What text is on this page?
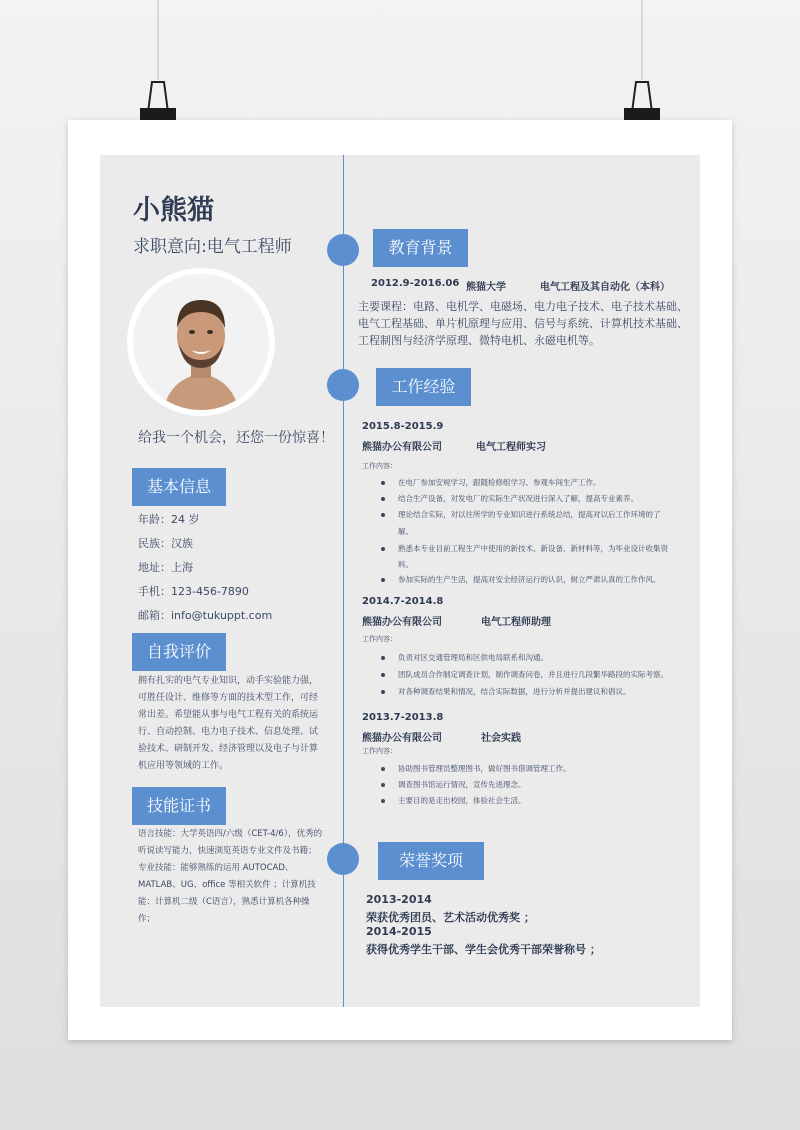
小熊猫
求职意向:电气工程师
给我一个机会，还您一份惊喜！
基本信息
年龄：24 岁
民族：汉族
地址：上海
手机：123-456-7890
邮箱：info@tukuppt.com
自我评价
拥有扎实的电气专业知识，动手实验能力强，可胜任设计、维修等方面的技术型工作，可经常出差。希望能从事与电气工程有关的系统运行、自动控制、电力电子技术、信息处理、试验技术、研制开发、经济管理以及电子与计算机应用等领域的工作。
技能证书
语言技能：大学英语四/六级（CET-4/6），优秀的听说读写能力，快速浏览英语专业文件及书籍；专业技能：能够熟练的运用 AUTOCAD、MATLAB、UG、office 等相关软件 ；计算机技能：计算机二级（C语言），熟悉计算机各种操作；
教育背景
2012.9-2016.06 熊猫大学	电气工程及其自动化（本科）
主要课程：电路、电机学、电磁场、电力电子技术、电子技术基础、电气工程基础、单片机原理与应用、信号与系统、计算机技术基础、工程制图与经济学原理、微特电机、永磁电机等。
工作经验
2015.8-2015.9
熊猫办公有限公司	电气工程师实习
工作内容：
在电厂参加安规学习，跟随检修组学习、参观车间生产工作。
结合生产设备，对发电厂的实际生产状况进行深入了解，提高专业素养。
理论结合实际，对以往所学的专业知识进行系统总结，提高对以后工作环境的了
解。
熟悉本专业目前工程生产中使用的新技术、新设备、新材料等，为毕业设计收集资
料。
参加实际的生产生活，提高对安全经济运行的认识，树立严肃认真的工作作风。
2014.7-2014.8
熊猫办公有限公司	电气工程师助理
工作内容：
负责对区交通管理局和区供电局联系和沟通。
团队成员合作制定调查计划，制作调查问卷，并且进行几段繁华路段的实际考察。
对各种调查结果和情况，结合实际数据，进行分析并提出建议和倡议。
2013.7-2013.8
熊猫办公有限公司	社会实践
工作内容：
协助图书管理员整理图书，做好图书借调管理工作。
调查图书馆运行情况，宣传先进理念。
主要目的是走出校园，体验社会生活。
荣誉奖项
2013-2014
荣获优秀团员、艺术活动优秀奖 ；
2014-2015
获得优秀学生干部、学生会优秀干部荣誉称号 ；
